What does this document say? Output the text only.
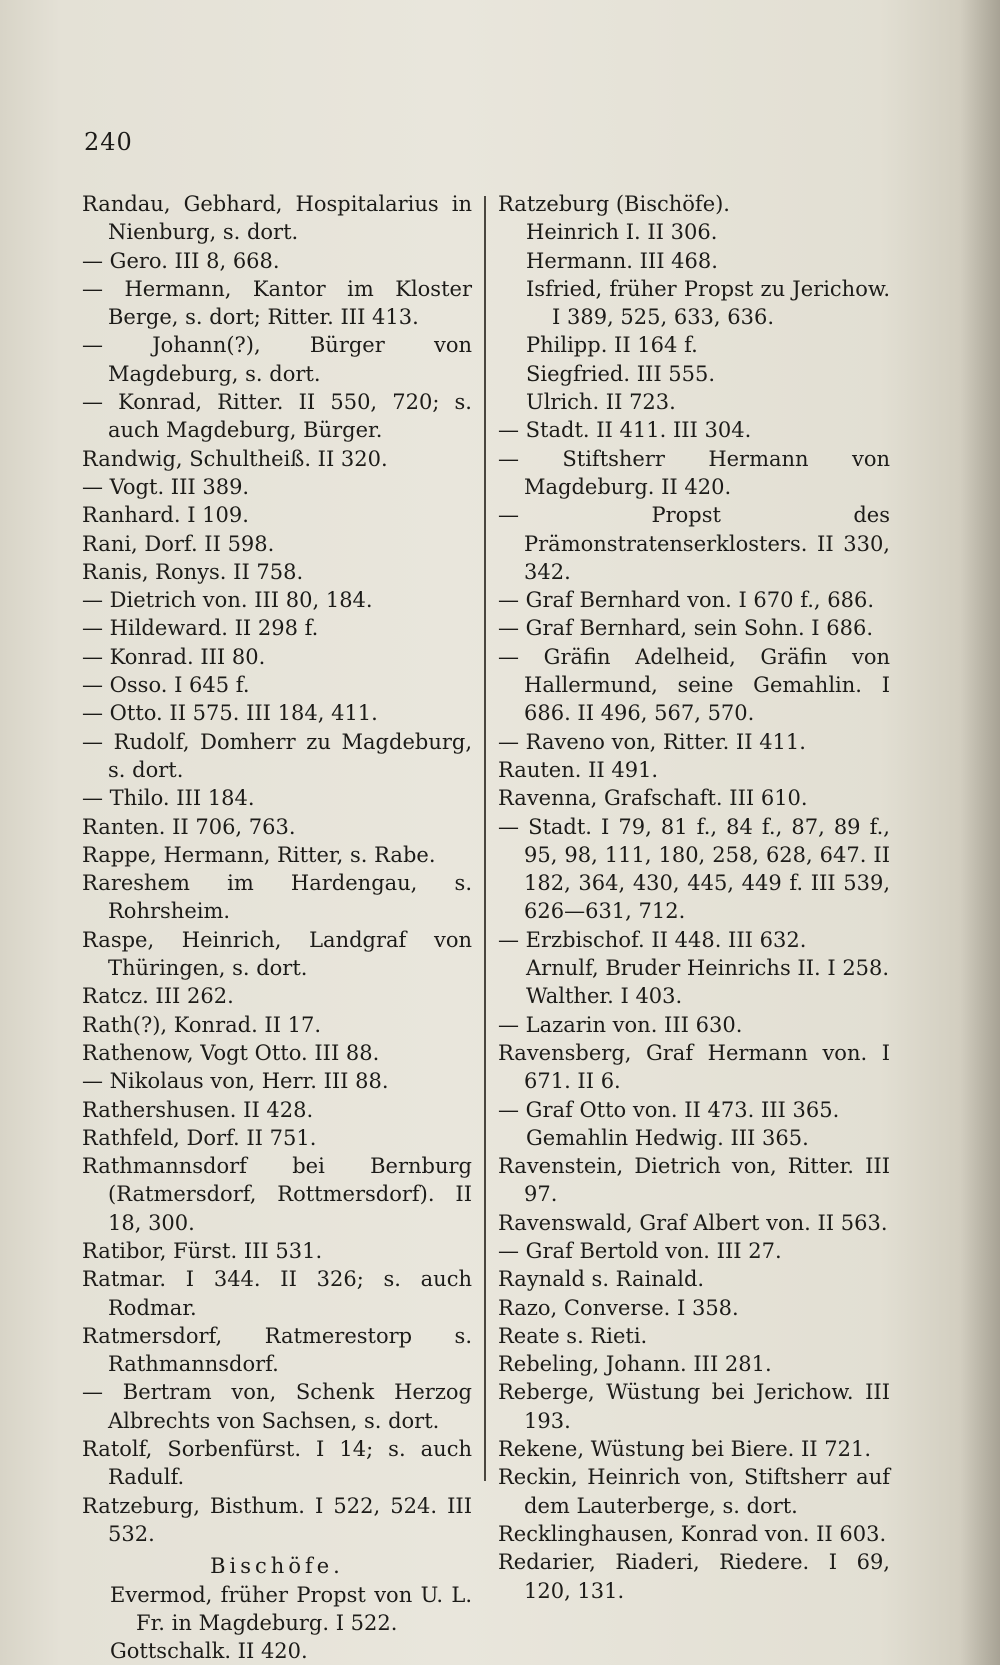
240

Randau, Gebhard, Hospitalarius in Nienburg, s. dort.

— Gero. III 8, 668.

— Hermann, Kantor im Kloster Berge, s. dort; Ritter. III 413.

— Johann(?), Bürger von Magdeburg, s. dort.

— Konrad, Ritter. II 550, 720; s. auch Magdeburg, Bürger.

Randwig, Schultheiß. II 320.

— Vogt. III 389.

Ranhard. I 109.

Rani, Dorf. II 598.

Ranis, Ronys. II 758.

— Dietrich von. III 80, 184.

— Hildeward. II 298 f.

— Konrad. III 80.

— Osso. I 645 f.

— Otto. II 575. III 184, 411.

— Rudolf, Domherr zu Magdeburg, s. dort.

— Thilo. III 184.

Ranten. II 706, 763.

Rappe, Hermann, Ritter, s. Rabe.

Rareshem im Hardengau, s. Rohrsheim.

Raspe, Heinrich, Landgraf von Thüringen, s. dort.

Ratcz. III 262.

Rath(?), Konrad. II 17.

Rathenow, Vogt Otto. III 88.

— Nikolaus von, Herr. III 88.

Rathershusen. II 428.

Rathfeld, Dorf. II 751.

Rathmannsdorf bei Bernburg (Ratmersdorf, Rottmersdorf). II 18, 300.

Ratibor, Fürst. III 531.

Ratmar. I 344. II 326; s. auch Rodmar.

Ratmersdorf, Ratmerestorp s. Rathmannsdorf.

— Bertram von, Schenk Herzog Albrechts von Sachsen, s. dort.

Ratolf, Sorbenfürst. I 14; s. auch Radulf.

Ratzeburg, Bisthum. I 522, 524. III 532.

Bischöfe.

Evermod, früher Propst von U. L. Fr. in Magdeburg. I 522.

Gottschalk. II 420.

Ratzeburg (Bischöfe).

Heinrich I. II 306.

Hermann. III 468.

Isfried, früher Propst zu Jerichow. I 389, 525, 633, 636.

Philipp. II 164 f.

Siegfried. III 555.

Ulrich. II 723.

— Stadt. II 411. III 304.

— Stiftsherr Hermann von Magdeburg. II 420.

— Propst des Prämonstratenserklosters. II 330, 342.

— Graf Bernhard von. I 670 f., 686.

— Graf Bernhard, sein Sohn. I 686.

— Gräfin Adelheid, Gräfin von Hallermund, seine Gemahlin. I 686. II 496, 567, 570.

— Raveno von, Ritter. II 411.

Rauten. II 491.

Ravenna, Grafschaft. III 610.

— Stadt. I 79, 81 f., 84 f., 87, 89 f., 95, 98, 111, 180, 258, 628, 647. II 182, 364, 430, 445, 449 f. III 539, 626—631, 712.

— Erzbischof. II 448. III 632.

Arnulf, Bruder Heinrichs II. I 258.

Walther. I 403.

— Lazarin von. III 630.

Ravensberg, Graf Hermann von. I 671. II 6.

— Graf Otto von. II 473. III 365.

Gemahlin Hedwig. III 365.

Ravenstein, Dietrich von, Ritter. III 97.

Ravenswald, Graf Albert von. II 563.

— Graf Bertold von. III 27.

Raynald s. Rainald.

Razo, Converse. I 358.

Reate s. Rieti.

Rebeling, Johann. III 281.

Reberge, Wüstung bei Jerichow. III 193.

Rekene, Wüstung bei Biere. II 721.

Reckin, Heinrich von, Stiftsherr auf dem Lauterberge, s. dort.

Recklinghausen, Konrad von. II 603.

Redarier, Riaderi, Riedere. I 69, 120, 131.
